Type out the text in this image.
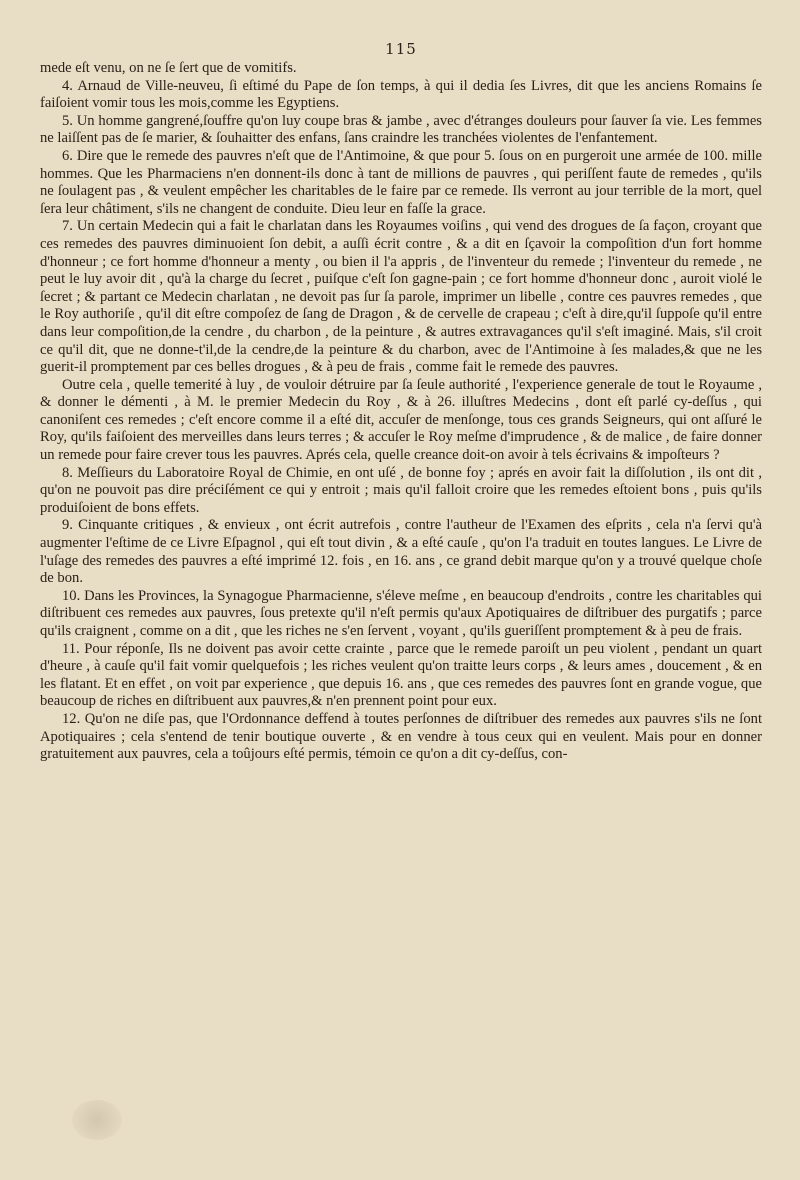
115

mede eſt venu, on ne ſe ſert que de vomitifs.

4. Arnaud de Ville-neuveu, ſi eſtimé du Pape de ſon temps, à qui il dedia ſes Livres, dit que les anciens Romains ſe faiſoient vomir tous les mois,comme les Egyptiens.

5. Un homme gangrené,ſouffre qu'on luy coupe bras & jambe , avec d'étranges douleurs pour ſauver ſa vie. Les femmes ne laiſſent pas de ſe marier, & ſouhaitter des enfans, ſans craindre les tranchées violentes de l'enfantement.

6. Dire que le remede des pauvres n'eſt que de l'Antimoine, & que pour 5. ſous on en purgeroit une armée de 100. mille hommes. Que les Pharmaciens n'en donnent-ils donc à tant de millions de pauvres , qui periſſent faute de remedes , qu'ils ne ſoulagent pas , & veulent empêcher les charitables de le faire par ce remede. Ils verront au jour terrible de la mort, quel ſera leur châtiment, s'ils ne changent de conduite. Dieu leur en faſſe la grace.

7. Un certain Medecin qui a fait le charlatan dans les Royaumes voiſins , qui vend des drogues de ſa façon, croyant que ces remedes des pauvres diminuoient ſon debit, a auſſi écrit contre , & a dit en ſçavoir la compoſition d'un fort homme d'honneur ; ce fort homme d'honneur a menty , ou bien il l'a appris , de l'inventeur du remede ; l'inventeur du remede , ne peut le luy avoir dit , qu'à la charge du ſecret , puiſque c'eſt ſon gagne-pain ; ce fort homme d'honneur donc , auroit violé le ſecret ; & partant ce Medecin charlatan , ne devoit pas ſur ſa parole, imprimer un libelle , contre ces pauvres remedes , que le Roy authoriſe , qu'il dit eſtre compoſez de ſang de Dragon , & de cervelle de crapeau ; c'eſt à dire,qu'il ſuppoſe qu'il entre dans leur compoſition,de la cendre , du charbon , de la peinture , & autres extravagances qu'il s'eſt imaginé. Mais, s'il croit ce qu'il dit, que ne donne-t'il,de la cendre,de la peinture & du charbon, avec de l'Antimoine à ſes malades,& que ne les guerit-il promptement par ces belles drogues , & à peu de frais , comme fait le remede des pauvres.

Outre cela , quelle temerité à luy , de vouloir détruire par ſa ſeule authorité , l'experience generale de tout le Royaume , & donner le démenti , à M. le premier Medecin du Roy , & à 26. illuſtres Medecins , dont eſt parlé cy-deſſus , qui canoniſent ces remedes ; c'eſt encore comme il a eſté dit, accuſer de menſonge, tous ces grands Seigneurs, qui ont aſſuré le Roy, qu'ils faiſoient des merveilles dans leurs terres ; & accuſer le Roy meſme d'imprudence , & de malice , de faire donner un remede pour faire crever tous les pauvres. Aprés cela, quelle creance doit-on avoir à tels écrivains & impoſteurs ?

8. Meſſieurs du Laboratoire Royal de Chimie, en ont uſé , de bonne foy ; aprés en avoir fait la diſſolution , ils ont dit , qu'on ne pouvoit pas dire préciſément ce qui y entroit ; mais qu'il falloit croire que les remedes eſtoient bons , puis qu'ils produiſoient de bons effets.

9. Cinquante critiques , & envieux , ont écrit autrefois , contre l'autheur de l'Examen des eſprits , cela n'a ſervi qu'à augmenter l'eſtime de ce Livre Eſpagnol , qui eſt tout divin , & a eſté cauſe , qu'on l'a traduit en toutes langues. Le Livre de l'uſage des remedes des pauvres a eſté imprimé 12. fois , en 16. ans , ce grand debit marque qu'on y a trouvé quelque choſe de bon.

10. Dans les Provinces, la Synagogue Pharmacienne, s'éleve meſme , en beaucoup d'endroits , contre les charitables qui diſtribuent ces remedes aux pauvres, ſous pretexte qu'il n'eſt permis qu'aux Apotiquaires de diſtribuer des purgatifs ; parce qu'ils craignent , comme on a dit , que les riches ne s'en ſervent , voyant , qu'ils gueriſſent promptement & à peu de frais.

11. Pour réponſe, Ils ne doivent pas avoir cette crainte , parce que le remede paroiſt un peu violent , pendant un quart d'heure , à cauſe qu'il fait vomir quelquefois ; les riches veulent qu'on traitte leurs corps , & leurs ames , doucement , & en les flatant. Et en effet , on voit par experience , que depuis 16. ans , que ces remedes des pauvres ſont en grande vogue, que beaucoup de riches en diſtribuent aux pauvres,& n'en prennent point pour eux.

12. Qu'on ne diſe pas, que l'Ordonnance deffend à toutes perſonnes de diſtribuer des remedes aux pauvres s'ils ne ſont Apotiquaires ; cela s'entend de tenir boutique ouverte , & en vendre à tous ceux qui en veulent. Mais pour en donner gratuitement aux pauvres, cela a toûjours eſté permis, témoin ce qu'on a dit cy-deſſus, con-
